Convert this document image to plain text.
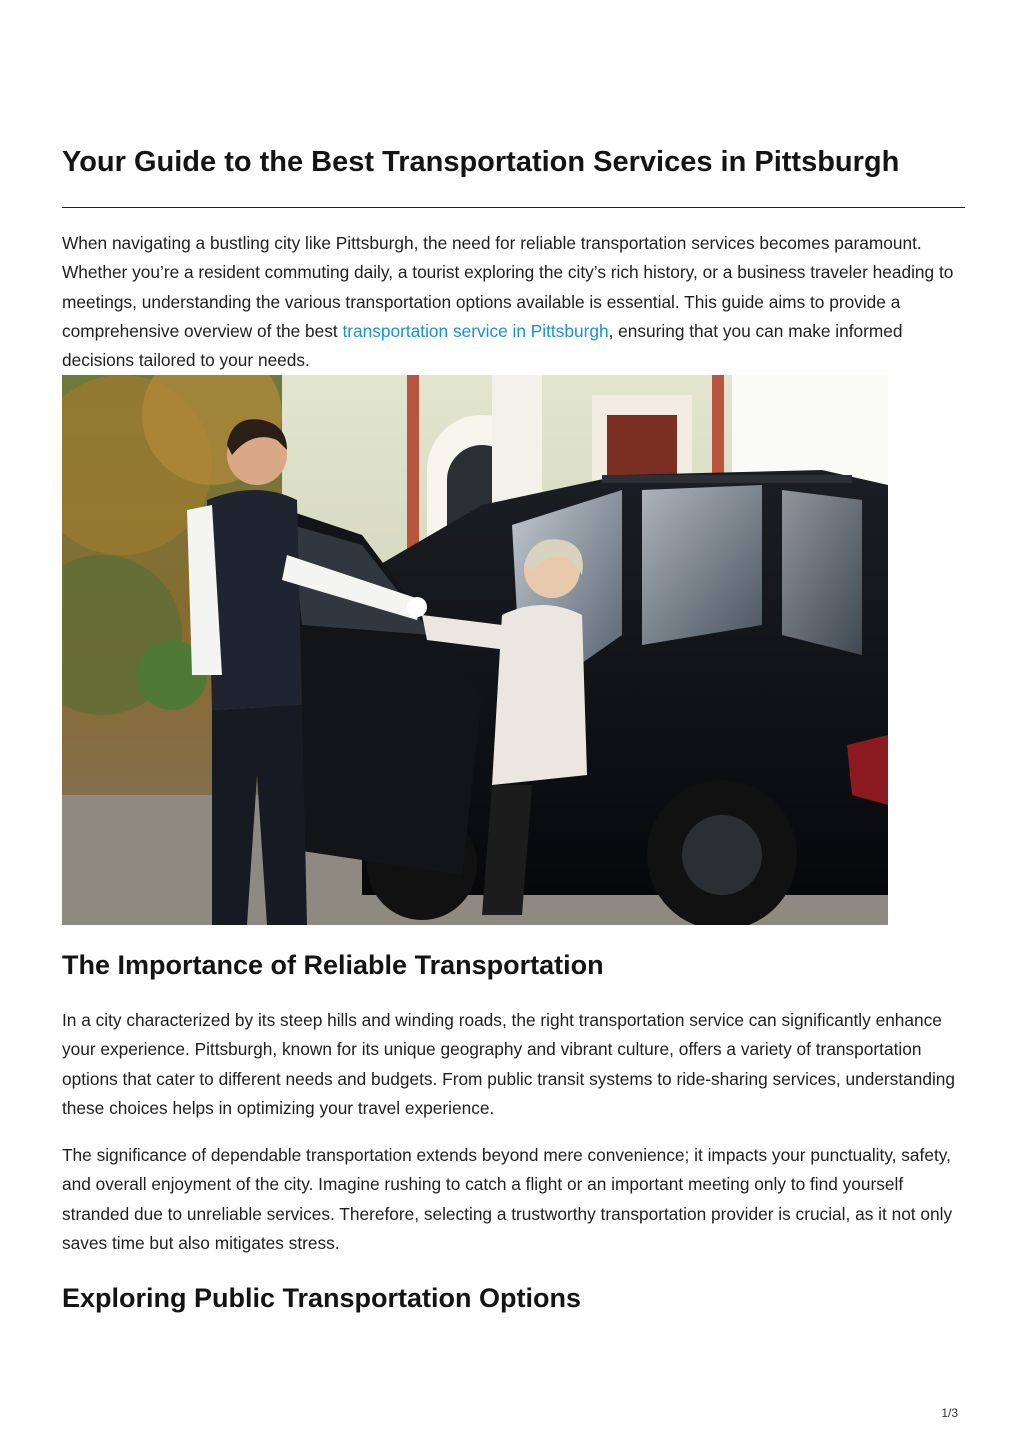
Your Guide to the Best Transportation Services in Pittsburgh

When navigating a bustling city like Pittsburgh, the need for reliable transportation services becomes paramount. Whether you’re a resident commuting daily, a tourist exploring the city’s rich history, or a business traveler heading to meetings, understanding the various transportation options available is essential. This guide aims to provide a comprehensive overview of the best transportation service in Pittsburgh, ensuring that you can make informed decisions tailored to your needs.

The Importance of Reliable Transportation

In a city characterized by its steep hills and winding roads, the right transportation service can significantly enhance your experience. Pittsburgh, known for its unique geography and vibrant culture, offers a variety of transportation options that cater to different needs and budgets. From public transit systems to ride-sharing services, understanding these choices helps in optimizing your travel experience.

The significance of dependable transportation extends beyond mere convenience; it impacts your punctuality, safety, and overall enjoyment of the city. Imagine rushing to catch a flight or an important meeting only to find yourself stranded due to unreliable services. Therefore, selecting a trustworthy transportation provider is crucial, as it not only saves time but also mitigates stress.

Exploring Public Transportation Options
1/3
